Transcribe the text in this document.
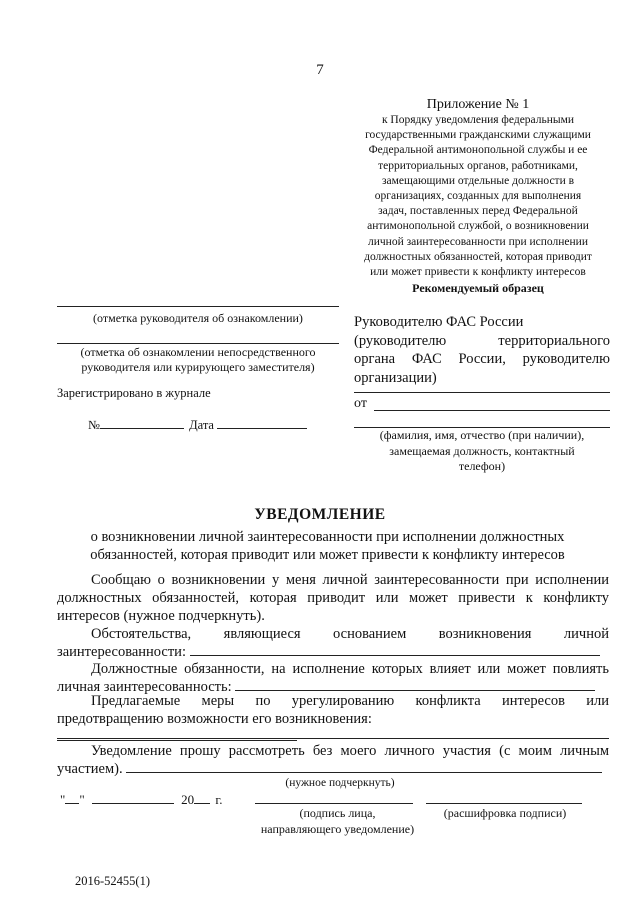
7
Приложение № 1
к Порядку уведомления федеральными
государственными гражданскими служащими
Федеральной антимонопольной службы и ее
территориальных органов, работниками,
замещающими отдельные должности в
организациях, созданных для выполнения
задач, поставленных перед Федеральной
антимонопольной службой, о возникновении
личной заинтересованности при исполнении
должностных обязанностей, которая приводит
или может привести к конфликту интересов
Рекомендуемый образец
(отметка руководителя об ознакомлении)
(отметка об ознакомлении непосредственного
руководителя или курирующего заместителя)
Зарегистрировано в журнале
№	Дата
Руководителю ФАС России
(руководителю	территориального
органа ФАС России, руководителю
организации)
от
(фамилия, имя, отчество (при наличии),
замещаемая должность, контактный
телефон)
УВЕДОМЛЕНИЕ
о возникновении личной заинтересованности при исполнении должностных
обязанностей, которая приводит или может привести к конфликту интересов
Сообщаю о возникновении у меня личной заинтересованности при исполнении
должностных обязанностей, которая приводит или может привести к конфликту
интересов (нужное подчеркнуть).
Обстоятельства, являющиеся основанием возникновения личной
заинтересованности:
Должностные обязанности, на исполнение которых влияет или может повлиять
личная заинтересованность:
Предлагаемые меры по урегулированию конфликта интересов или
предотвращению возможности его возникновения:
Уведомление прошу рассмотреть без моего личного участия (с моим личным
участием).
(нужное подчеркнуть)
" "	20 г.
(подпись лица,
направляющего уведомление)
(расшифровка подписи)
2016-52455(1)
